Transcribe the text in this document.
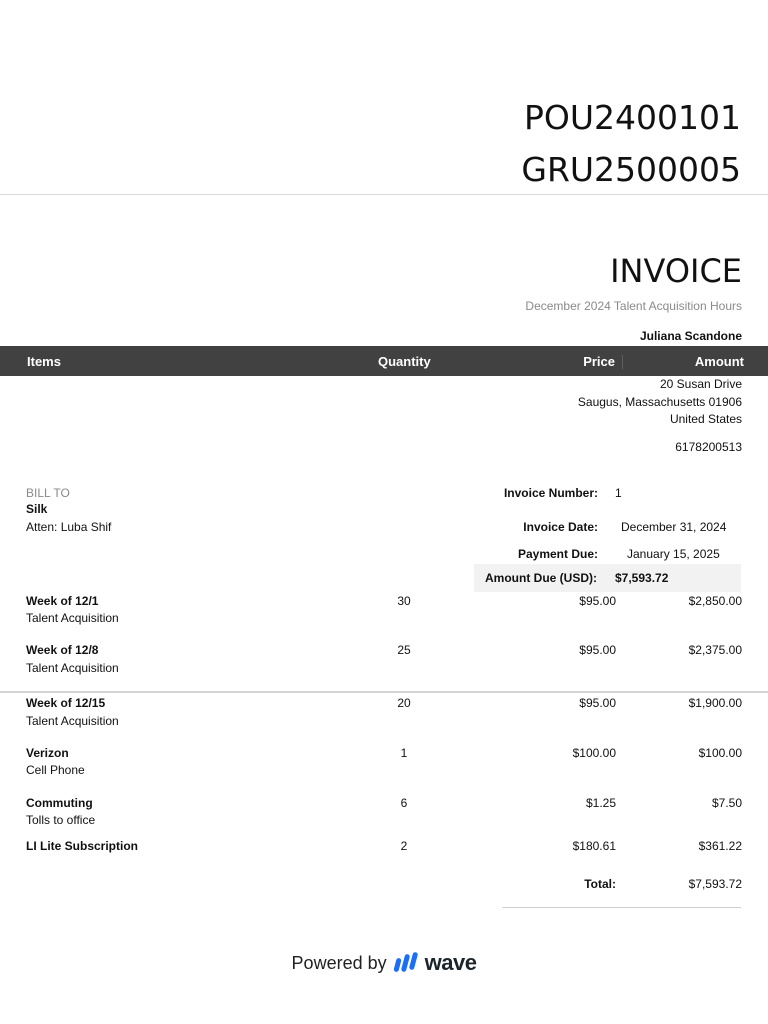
POU2400101
GRU2500005
INVOICE
December 2024 Talent Acquisition Hours
Juliana Scandone
Items	Quantity	Price	Amount
20 Susan Drive
Saugus, Massachusetts 01906
United States
6178200513
BILL TO
Silk
Atten: Luba Shif
Invoice Number: 1
Invoice Date: December 31, 2024
Payment Due: January 15, 2025
Amount Due (USD): $7,593.72
Week of 12/1
Talent Acquisition
30	$95.00	$2,850.00
Week of 12/8
Talent Acquisition
25	$95.00	$2,375.00
Week of 12/15
Talent Acquisition
20	$95.00	$1,900.00
Verizon
Cell Phone
1	$100.00	$100.00
Commuting
Tolls to office
6	$1.25	$7.50
LI Lite Subscription	2	$180.61	$361.22
Total:	$7,593.72
Powered by wave
